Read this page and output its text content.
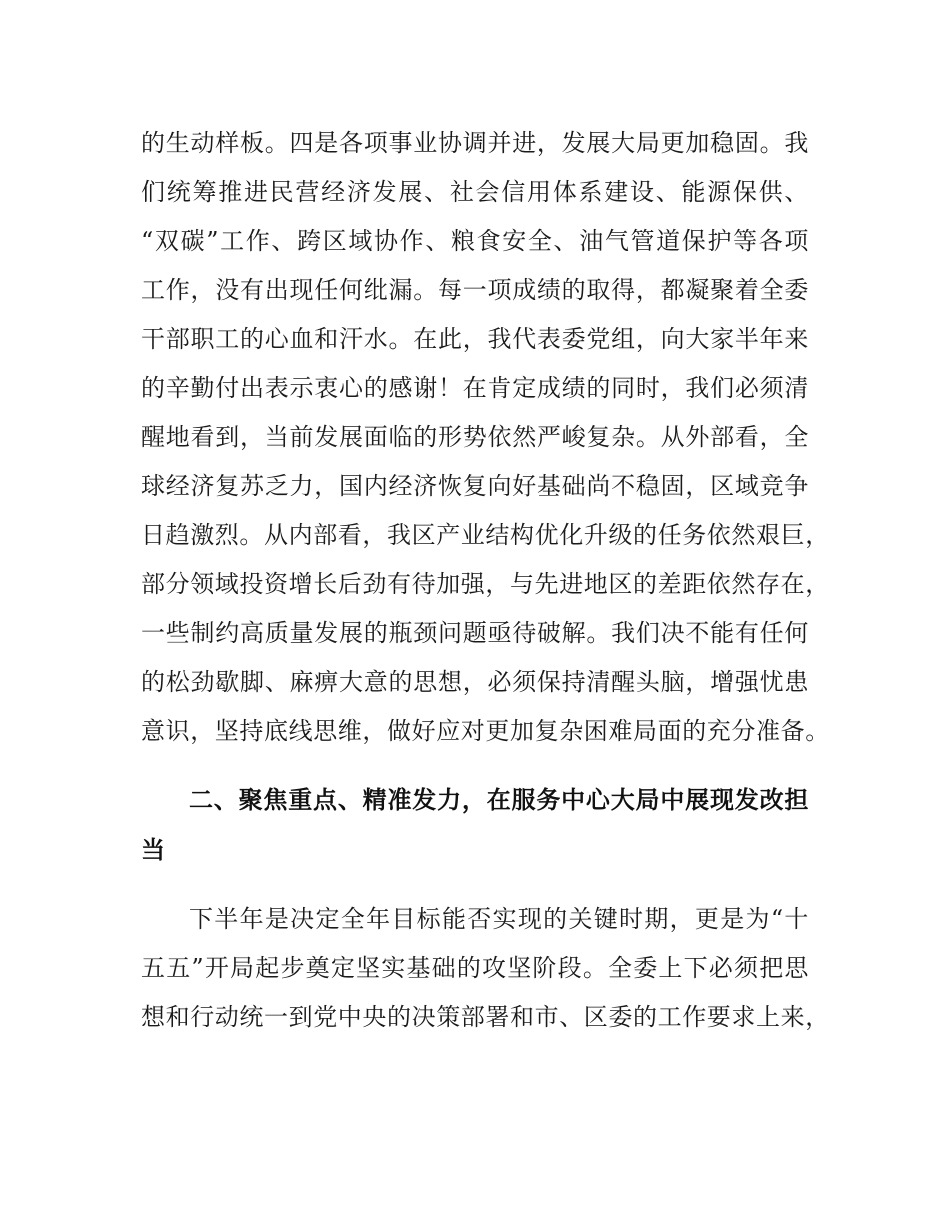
的生动样板。四是各项事业协调并进，发展大局更加稳固。我
们统筹推进民营经济发展、社会信用体系建设、能源保供、
“双碳”工作、跨区域协作、粮食安全、油气管道保护等各项
工作，没有出现任何纰漏。每一项成绩的取得，都凝聚着全委
干部职工的心血和汗水。在此，我代表委党组，向大家半年来
的辛勤付出表示衷心的感谢！在肯定成绩的同时，我们必须清
醒地看到，当前发展面临的形势依然严峻复杂。从外部看，全
球经济复苏乏力，国内经济恢复向好基础尚不稳固，区域竞争
日趋激烈。从内部看，我区产业结构优化升级的任务依然艰巨，
部分领域投资增长后劲有待加强，与先进地区的差距依然存在，
一些制约高质量发展的瓶颈问题亟待破解。我们决不能有任何
的松劲歇脚、麻痹大意的思想，必须保持清醒头脑，增强忧患
意识，坚持底线思维，做好应对更加复杂困难局面的充分准备。
二、聚焦重点、精准发力，在服务中心大局中展现发改担
当
下半年是决定全年目标能否实现的关键时期，更是为“十
五五”开局起步奠定坚实基础的攻坚阶段。全委上下必须把思
想和行动统一到党中央的决策部署和市、区委的工作要求上来，
